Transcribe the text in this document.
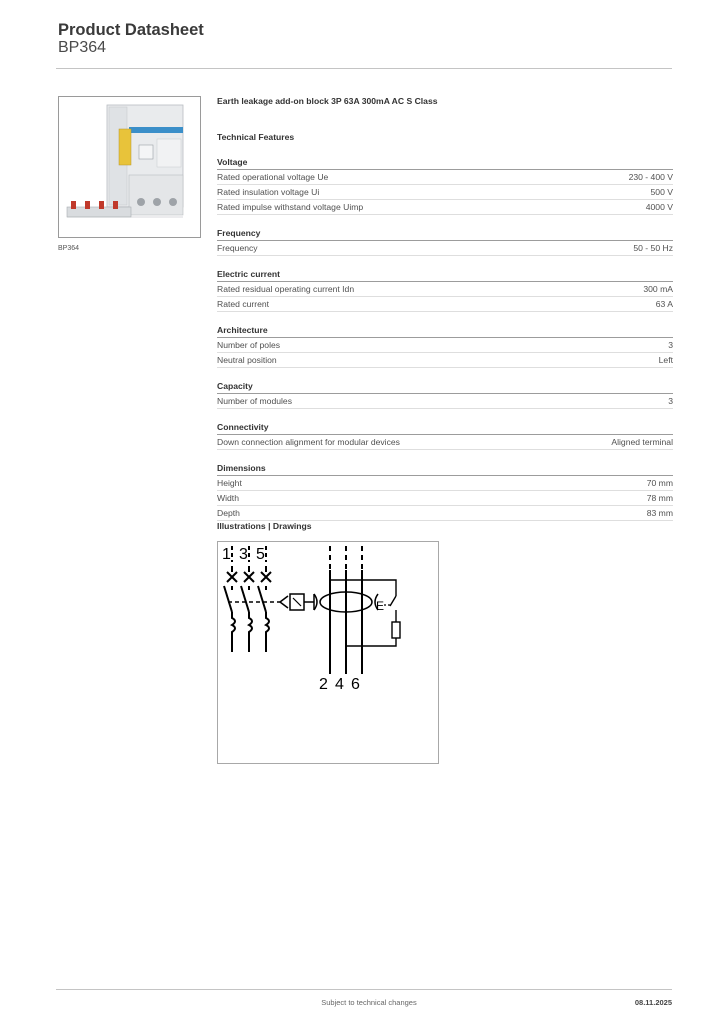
Product Datasheet
BP364
BP364
Earth leakage add-on block 3P 63A 300mA AC S Class
Technical Features
Voltage
Rated operational voltage Ue	230 - 400 V
Rated insulation voltage Ui	500 V
Rated impulse withstand voltage Uimp	4000 V
Frequency
Frequency	50 - 50 Hz
Electric current
Rated residual operating current Idn	300 mA
Rated current	63 A
Architecture
Number of poles	3
Neutral position	Left
Capacity
Number of modules	3
Connectivity
Down connection alignment for modular devices	Aligned terminal
Dimensions
Height	70 mm
Width	78 mm
Depth	83 mm
Illustrations | Drawings
1 3 5
E
2 4 6
Subject to technical changes	08.11.2025
